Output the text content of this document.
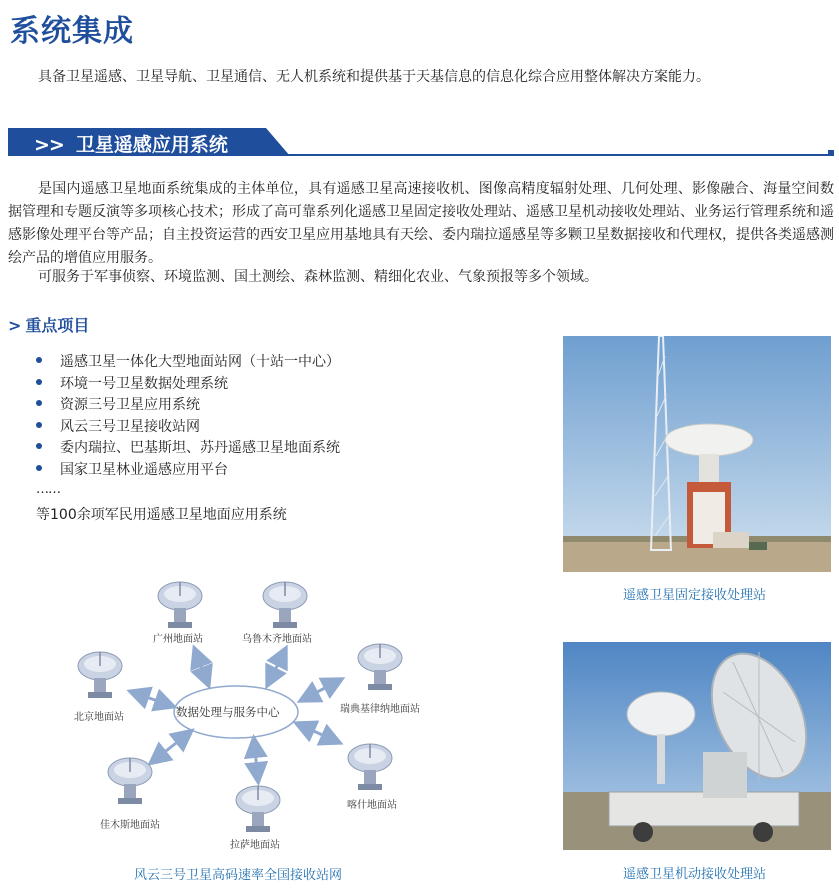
系统集成

具备卫星遥感、卫星导航、卫星通信、无人机系统和提供基于天基信息的信息化综合应用整体解决方案能力。

>> 卫星遥感应用系统

是国内遥感卫星地面系统集成的主体单位，具有遥感卫星高速接收机、图像高精度辐射处理、几何处理、影像融合、海量空间数据管理和专题反演等多项核心技术；形成了高可靠系列化遥感卫星固定接收处理站、遥感卫星机动接收处理站、业务运行管理系统和遥感影像处理平台等产品；自主投资运营的西安卫星应用基地具有天绘、委内瑞拉遥感星等多颗卫星数据接收和代理权，提供各类遥感测绘产品的增值应用服务。

可服务于军事侦察、环境监测、国土测绘、森林监测、精细化农业、气象预报等多个领域。

> 重点项目
遥感卫星一体化大型地面站网（十站一中心）
环境一号卫星数据处理系统
资源三号卫星应用系统
风云三号卫星接收站网
委内瑞拉、巴基斯坦、苏丹遥感卫星地面系统
国家卫星林业遥感应用平台

……

等100余项军民用遥感卫星地面应用系统

数据处理与服务中心
广州地面站	乌鲁木齐地面站
北京地面站
瑞典基律纳地面站
佳木斯地面站
喀什地面站
拉萨地面站

风云三号卫星高码速率全国接收站网

遥感卫星固定接收处理站

遥感卫星机动接收处理站
